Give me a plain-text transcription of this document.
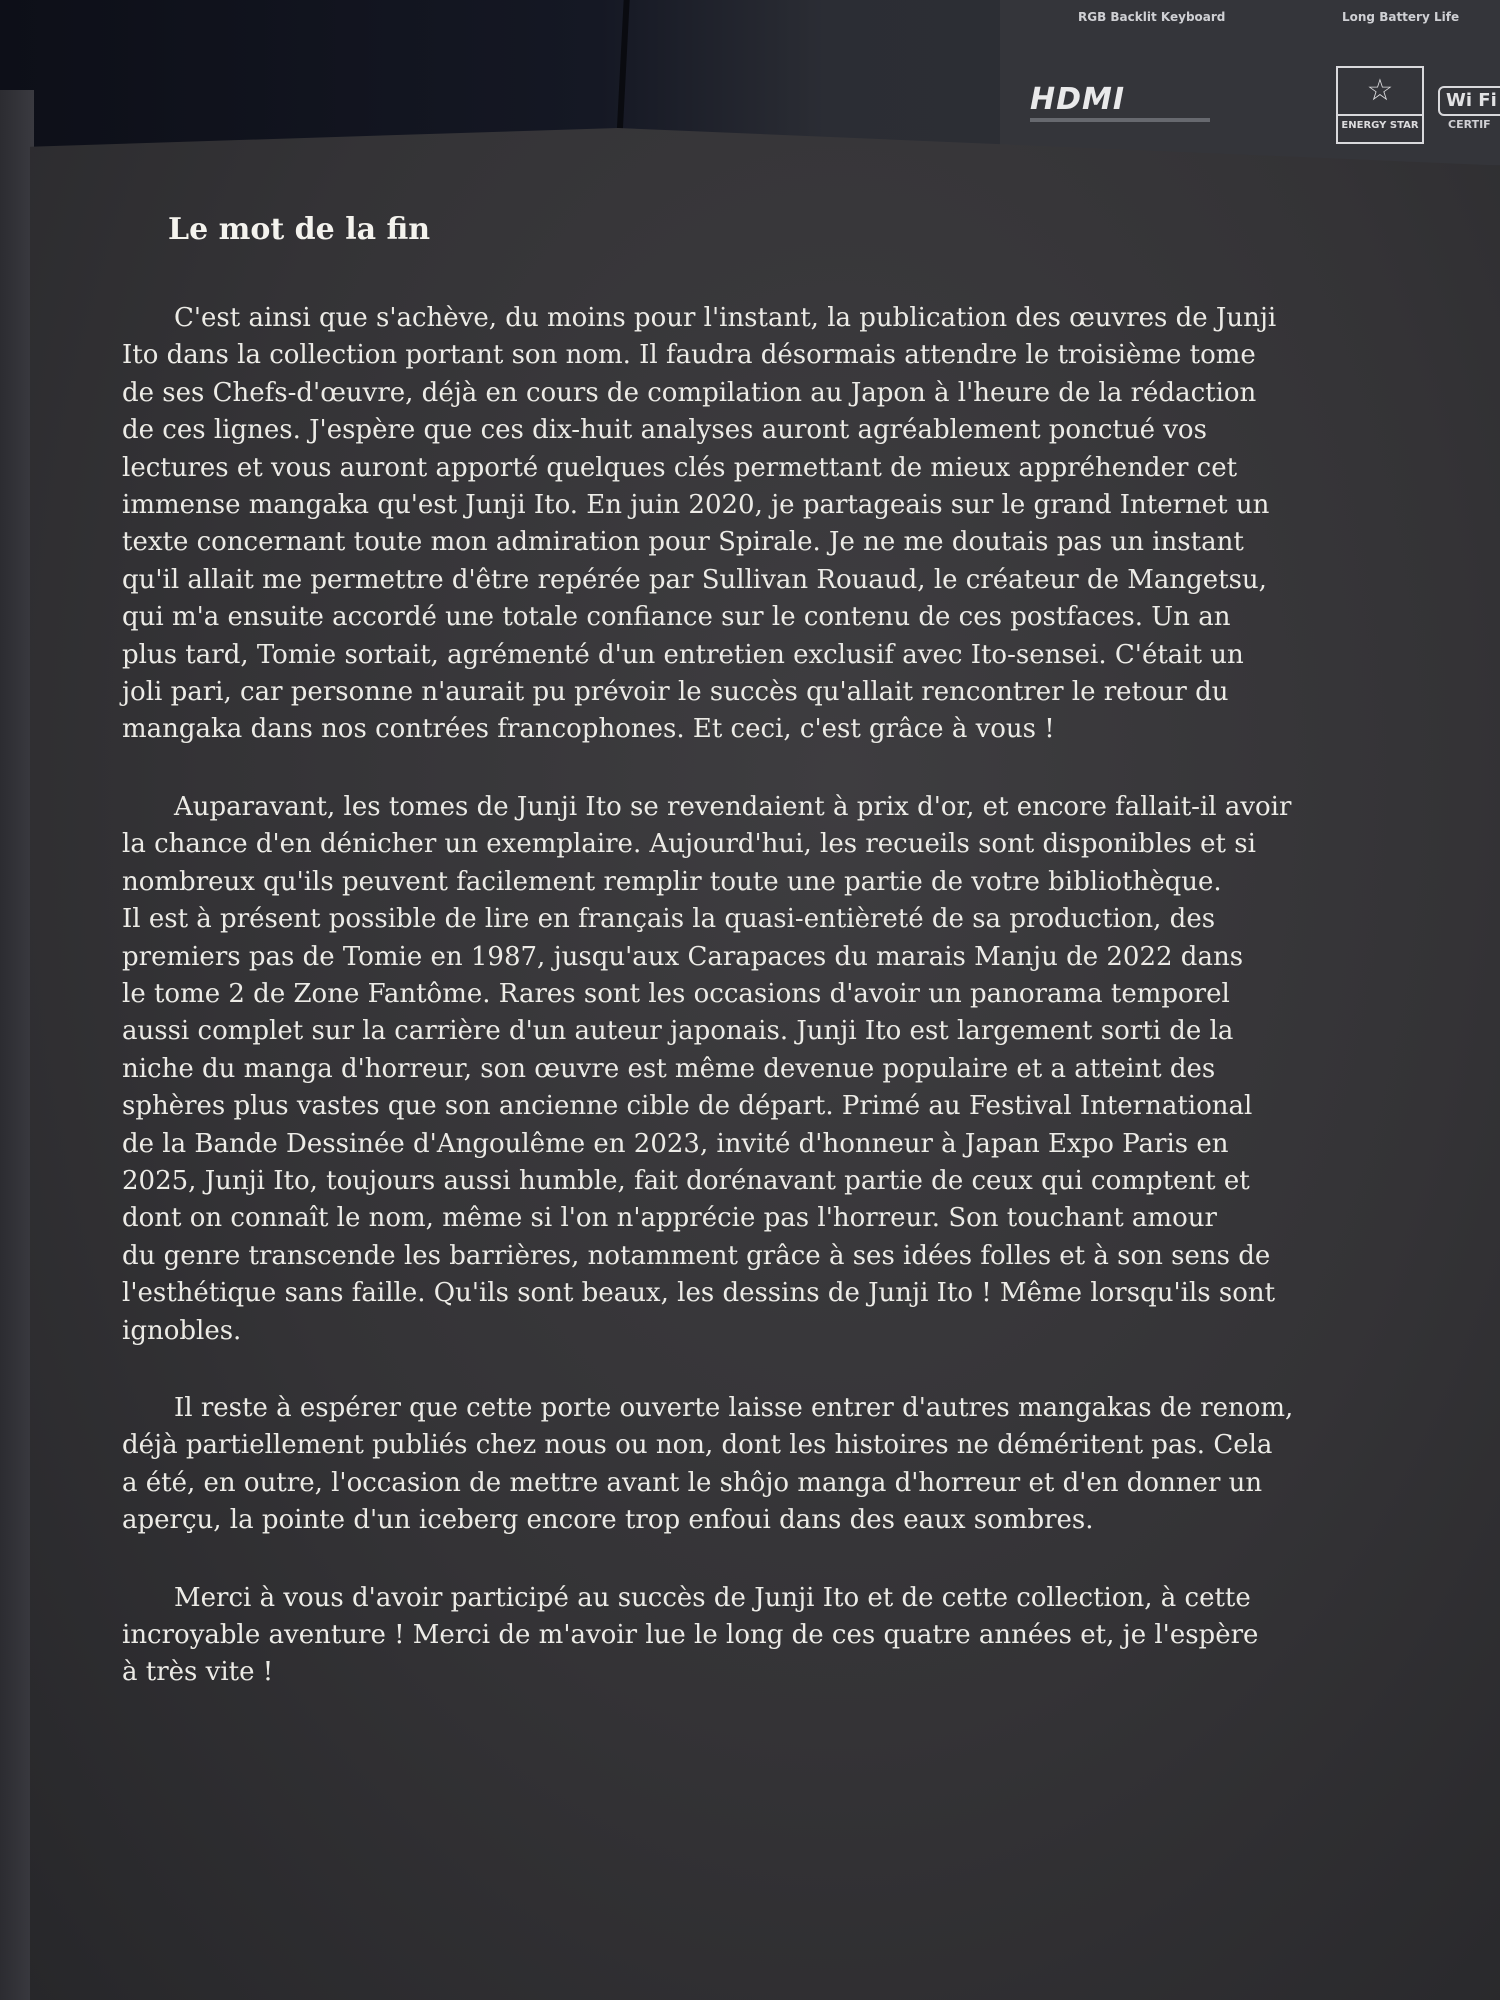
RGB Backlit Keyboard	Long Battery Life
HDMI	☆
ENERGY STAR
Wi Fi
CERTIF
Le mot de la fin

C'est ainsi que s'achève, du moins pour l'instant, la publication des œuvres de Junji
Ito dans la collection portant son nom. Il faudra désormais attendre le troisième tome
de ses Chefs-d'œuvre, déjà en cours de compilation au Japon à l'heure de la rédaction
de ces lignes. J'espère que ces dix-huit analyses auront agréablement ponctué vos
lectures et vous auront apporté quelques clés permettant de mieux appréhender cet
immense mangaka qu'est Junji Ito. En juin 2020, je partageais sur le grand Internet un
texte concernant toute mon admiration pour Spirale. Je ne me doutais pas un instant
qu'il allait me permettre d'être repérée par Sullivan Rouaud, le créateur de Mangetsu,
qui m'a ensuite accordé une totale confiance sur le contenu de ces postfaces. Un an
plus tard, Tomie sortait, agrémenté d'un entretien exclusif avec Ito-sensei. C'était un
joli pari, car personne n'aurait pu prévoir le succès qu'allait rencontrer le retour du
mangaka dans nos contrées francophones. Et ceci, c'est grâce à vous !

Auparavant, les tomes de Junji Ito se revendaient à prix d'or, et encore fallait-il avoir
la chance d'en dénicher un exemplaire. Aujourd'hui, les recueils sont disponibles et si
nombreux qu'ils peuvent facilement remplir toute une partie de votre bibliothèque.
Il est à présent possible de lire en français la quasi-entièreté de sa production, des
premiers pas de Tomie en 1987, jusqu'aux Carapaces du marais Manju de 2022 dans
le tome 2 de Zone Fantôme. Rares sont les occasions d'avoir un panorama temporel
aussi complet sur la carrière d'un auteur japonais. Junji Ito est largement sorti de la
niche du manga d'horreur, son œuvre est même devenue populaire et a atteint des
sphères plus vastes que son ancienne cible de départ. Primé au Festival International
de la Bande Dessinée d'Angoulême en 2023, invité d'honneur à Japan Expo Paris en
2025, Junji Ito, toujours aussi humble, fait dorénavant partie de ceux qui comptent et
dont on connaît le nom, même si l'on n'apprécie pas l'horreur. Son touchant amour
du genre transcende les barrières, notamment grâce à ses idées folles et à son sens de
l'esthétique sans faille. Qu'ils sont beaux, les dessins de Junji Ito ! Même lorsqu'ils sont
ignobles.

Il reste à espérer que cette porte ouverte laisse entrer d'autres mangakas de renom,
déjà partiellement publiés chez nous ou non, dont les histoires ne déméritent pas. Cela
a été, en outre, l'occasion de mettre avant le shôjo manga d'horreur et d'en donner un
aperçu, la pointe d'un iceberg encore trop enfoui dans des eaux sombres.

Merci à vous d'avoir participé au succès de Junji Ito et de cette collection, à cette
incroyable aventure ! Merci de m'avoir lue le long de ces quatre années et, je l'espère
à très vite !
